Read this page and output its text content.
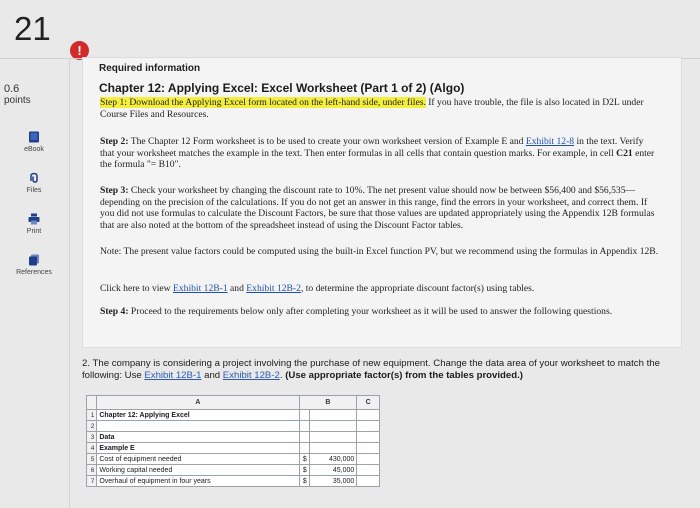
21
!
0.6
points
eBook
Files
Print
References
Required information
Chapter 12: Applying Excel: Excel Worksheet (Part 1 of 2) (Algo)
Step 1: Download the Applying Excel form located on the left-hand side, under files. If you have trouble, the file is also located in D2L under Course Files and Resources.
Step 2: The Chapter 12 Form worksheet is to be used to create your own worksheet version of Example E and Exhibit 12-8 in the text. Verify that your worksheet matches the example in the text. Then enter formulas in all cells that contain question marks. For example, in cell C21 enter the formula "= B10".
Step 3: Check your worksheet by changing the discount rate to 10%. The net present value should now be between $56,400 and $56,535—depending on the precision of the calculations. If you do not get an answer in this range, find the errors in your worksheet, and correct them. If you did not use formulas to calculate the Discount Factors, be sure that those values are updated appropriately using the Appendix 12B formulas that are also noted at the bottom of the spreadsheet instead of using the Discount Factor tables.
Note: The present value factors could be computed using the built-in Excel function PV, but we recommend using the formulas in Appendix 12B.
Click here to view Exhibit 12B-1 and Exhibit 12B-2, to determine the appropriate discount factor(s) using tables.
Step 4: Proceed to the requirements below only after completing your worksheet as it will be used to answer the following questions.
2. The company is considering a project involving the purchase of new equipment. Change the data area of your worksheet to match the following: Use Exhibit 12B-1 and Exhibit 12B-2. (Use appropriate factor(s) from the tables provided.)
	A	B		C
1	Chapter 12: Applying Excel			
2				
3	Data			
4	Example E			
5	Cost of equipment needed	$	430,000	
6	Working capital needed	$	45,000	
7	Overhaul of equipment in four years	$	35,000	
